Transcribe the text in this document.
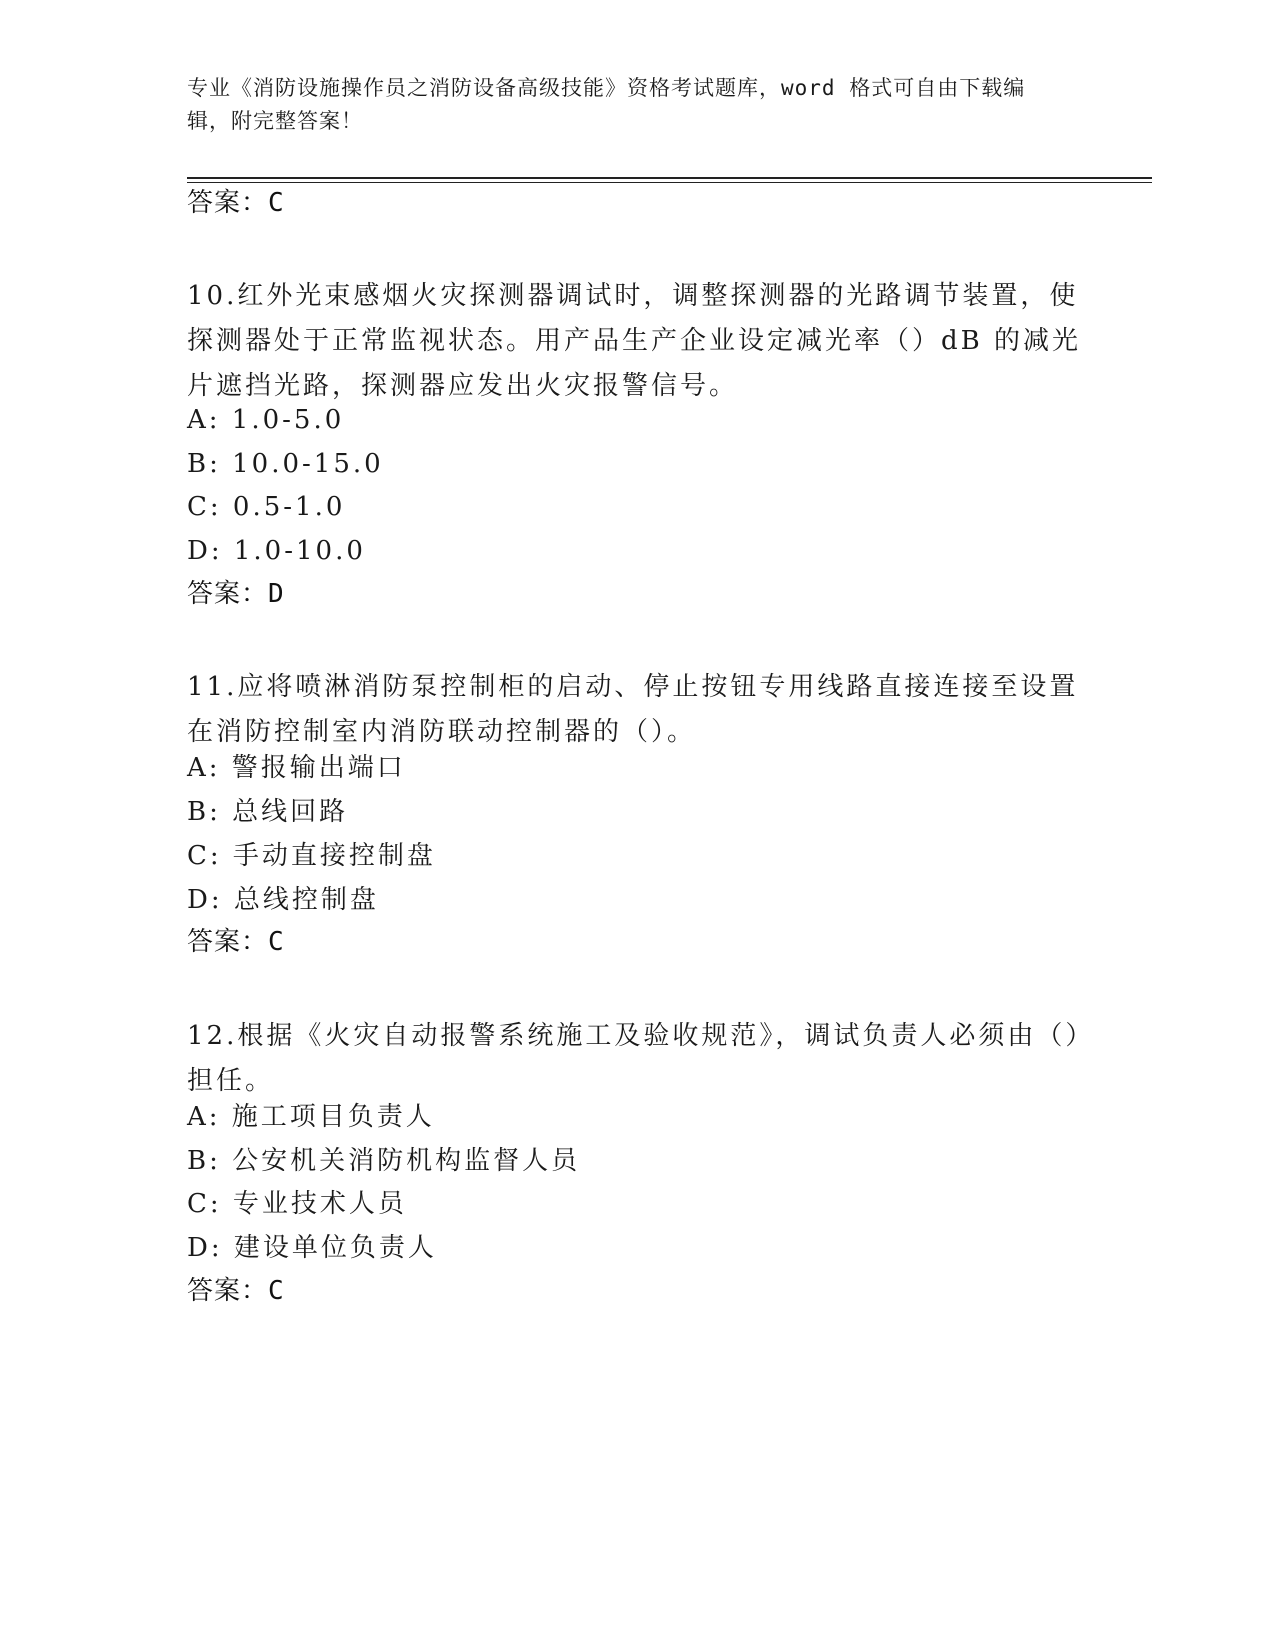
专业《消防设施操作员之消防设备高级技能》资格考试题库，word 格式可自由下载编辑，附完整答案！
答案：C
10.红外光束感烟火灾探测器调试时，调整探测器的光路调节装置，使探测器处于正常监视状态。用产品生产企业设定减光率（）dB 的减光片遮挡光路，探测器应发出火灾报警信号。
A: 1.0-5.0
B: 10.0-15.0
C: 0.5-1.0
D: 1.0-10.0
答案：D
11.应将喷淋消防泵控制柜的启动、停止按钮专用线路直接连接至设置在消防控制室内消防联动控制器的（）。
A: 警报输出端口
B: 总线回路
C: 手动直接控制盘
D: 总线控制盘
答案：C
12.根据《火灾自动报警系统施工及验收规范》，调试负责人必须由（）担任。
A: 施工项目负责人
B: 公安机关消防机构监督人员
C: 专业技术人员
D: 建设单位负责人
答案：C
